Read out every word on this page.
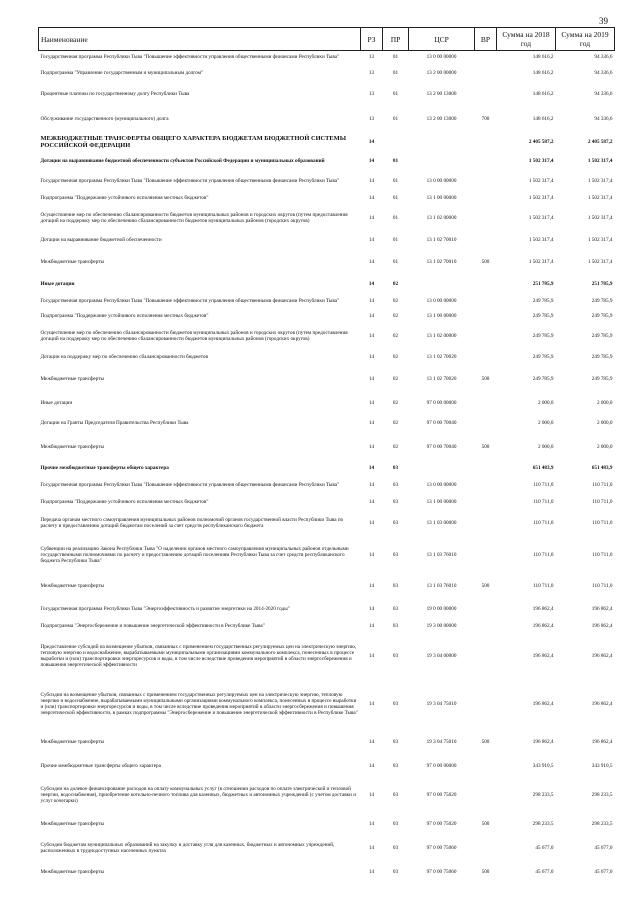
39
Наименование	РЗ	ПР	ЦСР	ВР	Сумма на 2018 год	Сумма на 2019 год
Государственная программа Республики Тыва "Повышение эффективности управления общественными финансами Республики Тыва"	13	01	13 0 00 00000		148 616,2	94 336,6
Подпрограмма "Управление государственным и муниципальным долгом"	13	01	13 2 00 00000		148 616,2	94 336,6
Процентные платежи по государственному долгу Республики Тыва	13	01	13 2 00 13000		148 616,2	94 336,6
Обслуживание государственного (муниципального) долга	13	01	13 2 00 13000	700	148 616,2	94 336,6
МЕЖБЮДЖЕТНЫЕ ТРАНСФЕРТЫ ОБЩЕГО ХАРАКТЕРА БЮДЖЕТАМ БЮДЖЕТНОЙ СИСТЕМЫ РОССИЙСКОЙ ФЕДЕРАЦИИ	14				2 405 587,2	2 405 587,2
Дотации на выравнивание бюджетной обеспеченности субъектов Российской Федерации и муниципальных образований	14	01			1 502 317,4	1 502 317,4
Государственная программа Республики Тыва "Повышение эффективности управления общественными финансами Республики Тыва"	14	01	13 0 00 00000		1 502 317,4	1 502 317,4
Подпрограмма "Поддержание устойчивого исполнения местных бюджетов"	14	01	13 1 00 00000		1 502 317,4	1 502 317,4
Осуществление мер по обеспечению сбалансированности бюджетов муниципальных районов и городских округов (путем предоставления дотаций на поддержку мер по обеспечению сбалансированности бюджетов муниципальных районов (городских округов)	14	01	13 1 02 00000		1 502 317,4	1 502 317,4
Дотации на выравнивание бюджетной обеспеченности	14	01	13 1 02 70010		1 502 317,4	1 502 317,4
Межбюджетные трансферты	14	01	13 1 02 70010	500	1 502 317,4	1 502 317,4
Иные дотации	14	02			251 785,9	251 785,9
Государственная программа Республики Тыва "Повышение эффективности управления общественными финансами Республики Тыва"	14	02	13 0 00 00000		249 785,9	249 785,9
Подпрограмма "Поддержание устойчивого исполнения местных бюджетов"	14	02	13 1 00 00000		249 785,9	249 785,9
Осуществление мер по обеспечению сбалансированности бюджетов муниципальных районов и городских округов (путем предоставления дотаций на поддержку мер по обеспечению сбалансированности бюджетов муниципальных районов (городских округов)	14	02	13 1 02 00000		249 785,9	249 785,9
Дотации на поддержку мер по обеспечению сбалансированности бюджетов	14	02	13 1 02 70020		249 785,9	249 785,9
Межбюджетные трансферты	14	02	13 1 02 70020	500	249 785,9	249 785,9
Иные дотации	14	02	97 0 00 00000		2 000,0	2 000,0
Дотации на Гранты Председателя Правительства Республики Тыва	14	02	97 0 00 70040		2 000,0	2 000,0
Межбюджетные трансферты	14	02	97 0 00 70040	500	2 000,0	2 000,0
Прочие межбюджетные трансферты общего характера	14	03			651 483,9	651 483,9
Государственная программа Республики Тыва "Повышение эффективности управления общественными финансами Республики Тыва"	14	03	13 0 00 00000		110 711,0	110 711,0
Подпрограмма "Поддержание устойчивого исполнения местных бюджетов"	14	03	13 1 00 00000		110 711,0	110 711,0
Передача органам местного самоуправления муниципальных районов полномочий органов государственной власти Республики Тыва по расчету и предоставлению дотаций бюджетам поселений за счет средств республиканского бюджета	14	03	13 1 03 00000		110 711,0	110 711,0
Субвенции на реализацию Закона Республики Тыва "О наделении органов местного самоуправления муниципальных районов отдельными государственными полномочиями по расчету и предоставлению дотаций поселениям Республики Тыва за счет средств республиканского бюджета Республики Тыва"	14	03	13 1 03 76010		110 711,0	110 711,0
Межбюджетные трансферты	14	03	13 1 03 76010	500	110 711,0	110 711,0
Государственная программа Республики Тыва "Энергоэффективность и развитие энергетики на 2014-2020 годы"	14	03	19 0 00 00000		196 862,4	196 862,4
Подпрограмма "Энергосбережение и повышение энергетической эффективности в Республике Тыва"	14	03	19 3 00 00000		196 862,4	196 862,4
Предоставление субсидий на возмещение убытков, связанных с применением государственных регулируемых цен на электрическую энергию, тепловую энергию и водоснабжение, вырабатываемыми муниципальными организациями коммунального комплекса, понесенных в процессе выработки и (или) транспортировки энергоресурсов и воды, в том числе вследствие проведения мероприятий в области энергосбережения и повышения энергетической эффективности	14	03	19 3 04 00000		196 862,4	196 862,4
Субсидии на возмещение убытков, связанных с применением государственных регулируемых цен на электрическую энергию, тепловую энергию и водоснабжение, вырабатываемыми муниципальными организациями коммунального комплекса, понесенных в процессе выработки и (или) транспортировки энергоресурсов и воды, в том числе вследствие проведения мероприятий в области энергосбережения и повышения энергетической эффективности, в рамках подпрограммы "Энергосбережение и повышение энергетической эффективности в Республике Тыва"	14	03	19 3 04 75010		196 862,4	196 862,4
Межбюджетные трансферты	14	03	19 3 04 75010	500	196 862,4	196 862,4
Прочие межбюджетные трансферты общего характера	14	03	97 0 00 00000		343 910,5	343 910,5
Субсидии на долевое финансирование расходов на оплату коммунальных услуг (в отношении расходов по оплате электрической и тепловой энергии, водоснабжения), приобретение котельно-печного топлива для казенных, бюджетных и автономных учреждений (с учетом доставки и услуг кочегарки)	14	03	97 0 00 75020		298 233,5	298 233,5
Межбюджетные трансферты	14	03	97 0 00 75020	500	298 233,5	298 233,5
Субсидии бюджетам муниципальных образований на закупку и доставку угля для казенных, бюджетных и автономных учреждений, расположенных в труднодоступных населенных пунктах	14	03	97 0 00 75060		45 677,0	45 677,0
Межбюджетные трансферты	14	03	97 0 00 75060	500	45 677,0	45 677,0
